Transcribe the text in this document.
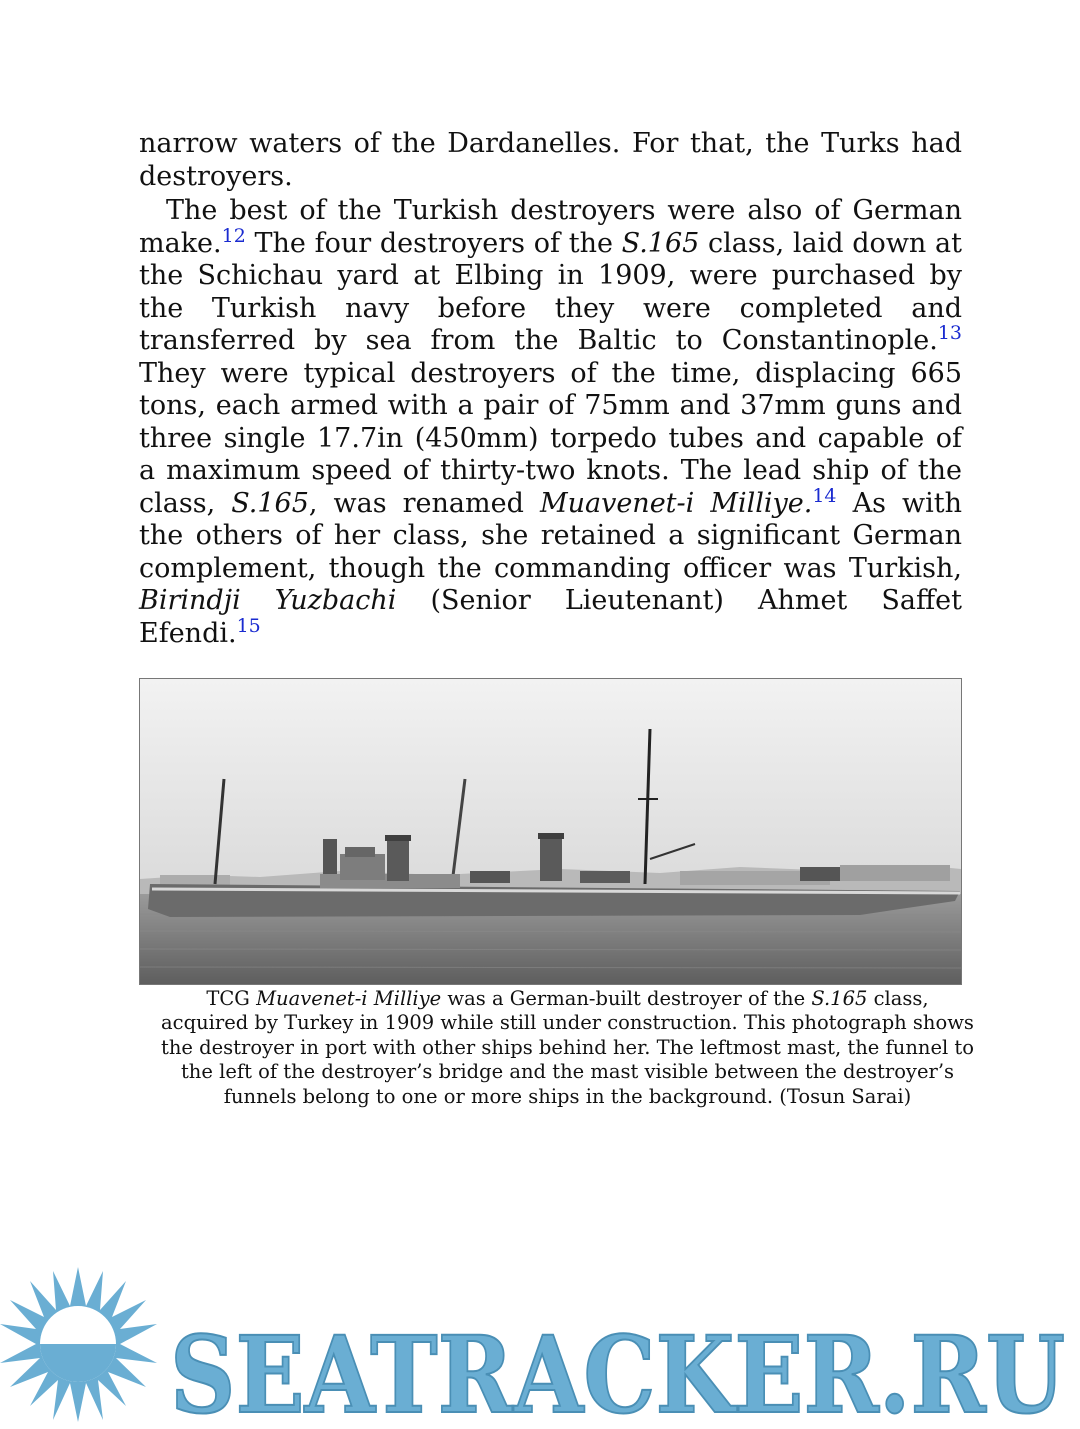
narrow waters of the Dardanelles. For that, the Turks had destroyers.

The best of the Turkish destroyers were also of German make.$^{12}$ The four destroyers of the S.165 class, laid down at the Schichau yard at Elbing in 1909, were purchased by the Turkish navy before they were completed and transferred by sea from the Baltic to Constantinople.$^{13}$ They were typical destroyers of the time, displacing 665 tons, each armed with a pair of 75mm and 37mm guns and three single 17.7in (450mm) torpedo tubes and capable of a maximum speed of thirty-two knots. The lead ship of the class, S.165, was renamed Muavenet-i Milliye.$^{14}$ As with the others of her class, she retained a significant German complement, though the commanding officer was Turkish, Birindji Yuzbachi (Senior Lieutenant) Ahmet Saffet Efendi.$^{15}$

TCG Muavenet-i Milliye was a German-built destroyer of the S.165 class, acquired by Turkey in 1909 while still under construction. This photograph shows the destroyer in port with other ships behind her. The leftmost mast, the funnel to the left of the destroyer’s bridge and the mast visible between the destroyer’s funnels belong to one or more ships in the background. (Tosun Sarai)
SEATRACKER.RU
